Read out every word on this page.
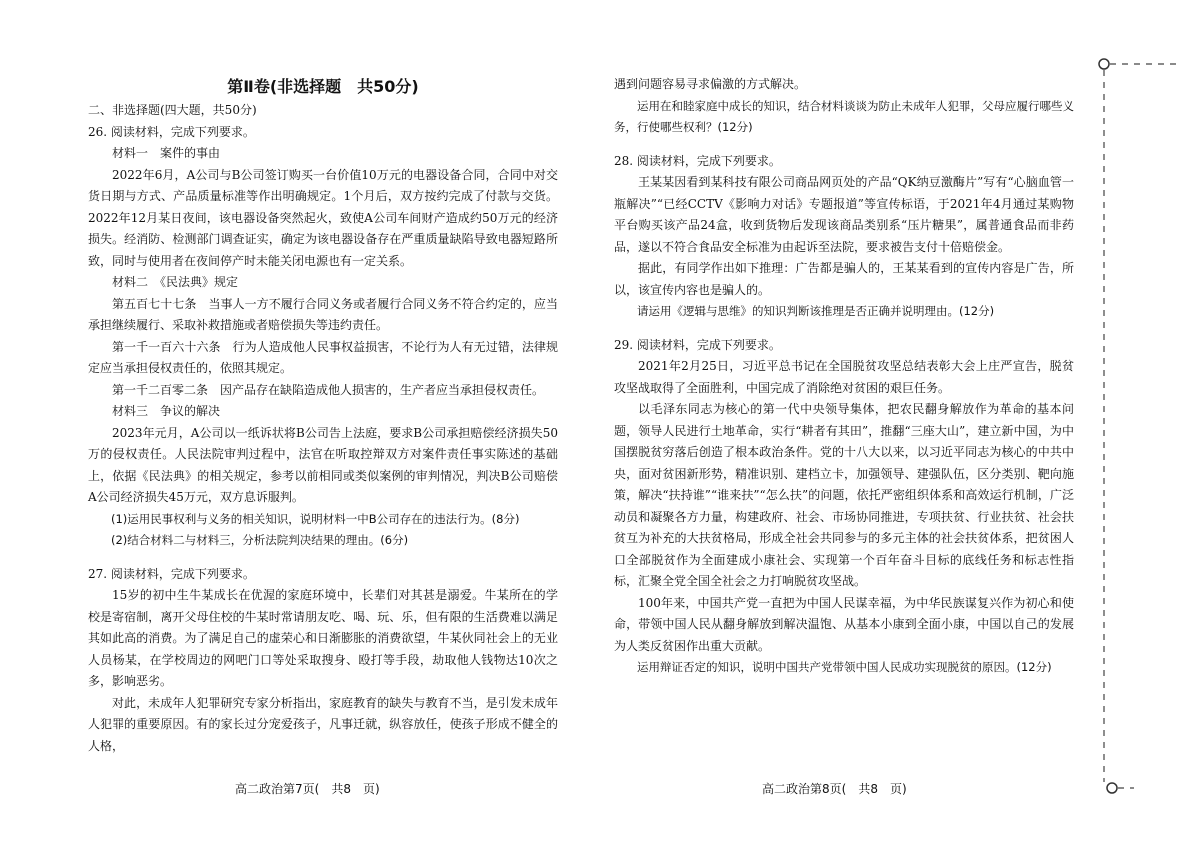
第Ⅱ卷(非选择题　共50分)

二、非选择题(四大题，共50分)

26. 阅读材料，完成下列要求。

材料一　案件的事由

2022年6月，A公司与B公司签订购买一台价值10万元的电器设备合同，合同中对交货日期与方式、产品质量标准等作出明确规定。1个月后，双方按约完成了付款与交货。2022年12月某日夜间，该电器设备突然起火，致使A公司车间财产造成约50万元的经济损失。经消防、检测部门调查证实，确定为该电器设备存在严重质量缺陷导致电器短路所致，同时与使用者在夜间停产时未能关闭电源也有一定关系。

材料二　《民法典》规定

第五百七十七条　当事人一方不履行合同义务或者履行合同义务不符合约定的，应当承担继续履行、采取补救措施或者赔偿损失等违约责任。

第一千一百六十六条　行为人造成他人民事权益损害，不论行为人有无过错，法律规定应当承担侵权责任的，依照其规定。

第一千二百零二条　因产品存在缺陷造成他人损害的，生产者应当承担侵权责任。

材料三　争议的解决

2023年元月，A公司以一纸诉状将B公司告上法庭，要求B公司承担赔偿经济损失50万的侵权责任。人民法院审判过程中，法官在听取控辩双方对案件责任事实陈述的基础上，依据《民法典》的相关规定，参考以前相同或类似案例的审判情况，判决B公司赔偿A公司经济损失45万元，双方息诉服判。

(1)运用民事权利与义务的相关知识，说明材料一中B公司存在的违法行为。(8分)

(2)结合材料二与材料三，分析法院判决结果的理由。(6分)

27. 阅读材料，完成下列要求。

15岁的初中生牛某成长在优渥的家庭环境中，长辈们对其甚是溺爱。牛某所在的学校是寄宿制，离开父母住校的牛某时常请朋友吃、喝、玩、乐，但有限的生活费难以满足其如此高的消费。为了满足自己的虚荣心和日渐膨胀的消费欲望，牛某伙同社会上的无业人员杨某，在学校周边的网吧门口等处采取搜身、殴打等手段，劫取他人钱物达10次之多，影响恶劣。

对此，未成年人犯罪研究专家分析指出，家庭教育的缺失与教育不当，是引发未成年人犯罪的重要原因。有的家长过分宠爱孩子，凡事迁就，纵容放任，使孩子形成不健全的人格，

遇到问题容易寻求偏激的方式解决。

运用在和睦家庭中成长的知识，结合材料谈谈为防止未成年人犯罪，父母应履行哪些义务，行使哪些权利？(12分)

28. 阅读材料，完成下列要求。

王某某因看到某科技有限公司商品网页处的产品“QK纳豆激酶片”写有“心脑血管一瓶解决”“已经CCTV《影响力对话》专题报道”等宣传标语，于2021年4月通过某购物平台购买该产品24盒，收到货物后发现该商品类别系“压片糖果”，属普通食品而非药品，遂以不符合食品安全标准为由起诉至法院，要求被告支付十倍赔偿金。

据此，有同学作出如下推理：广告都是骗人的，王某某看到的宣传内容是广告，所以，该宣传内容也是骗人的。

请运用《逻辑与思维》的知识判断该推理是否正确并说明理由。(12分)

29. 阅读材料，完成下列要求。

2021年2月25日，习近平总书记在全国脱贫攻坚总结表彰大会上庄严宣告，脱贫攻坚战取得了全面胜利，中国完成了消除绝对贫困的艰巨任务。

以毛泽东同志为核心的第一代中央领导集体，把农民翻身解放作为革命的基本问题，领导人民进行土地革命，实行“耕者有其田”，推翻“三座大山”，建立新中国，为中国摆脱贫穷落后创造了根本政治条件。党的十八大以来，以习近平同志为核心的中共中央，面对贫困新形势，精准识别、建档立卡，加强领导、建强队伍，区分类别、靶向施策，解决“扶持谁”“谁来扶”“怎么扶”的问题，依托严密组织体系和高效运行机制，广泛动员和凝聚各方力量，构建政府、社会、市场协同推进，专项扶贫、行业扶贫、社会扶贫互为补充的大扶贫格局，形成全社会共同参与的多元主体的社会扶贫体系，把贫困人口全部脱贫作为全面建成小康社会、实现第一个百年奋斗目标的底线任务和标志性指标，汇聚全党全国全社会之力打响脱贫攻坚战。

100年来，中国共产党一直把为中国人民谋幸福，为中华民族谋复兴作为初心和使命，带领中国人民从翻身解放到解决温饱、从基本小康到全面小康，中国以自己的发展为人类反贫困作出重大贡献。

运用辩证否定的知识，说明中国共产党带领中国人民成功实现脱贫的原因。(12分)

高二政治第7页(　共8　页)	高二政治第8页(　共8　页)
